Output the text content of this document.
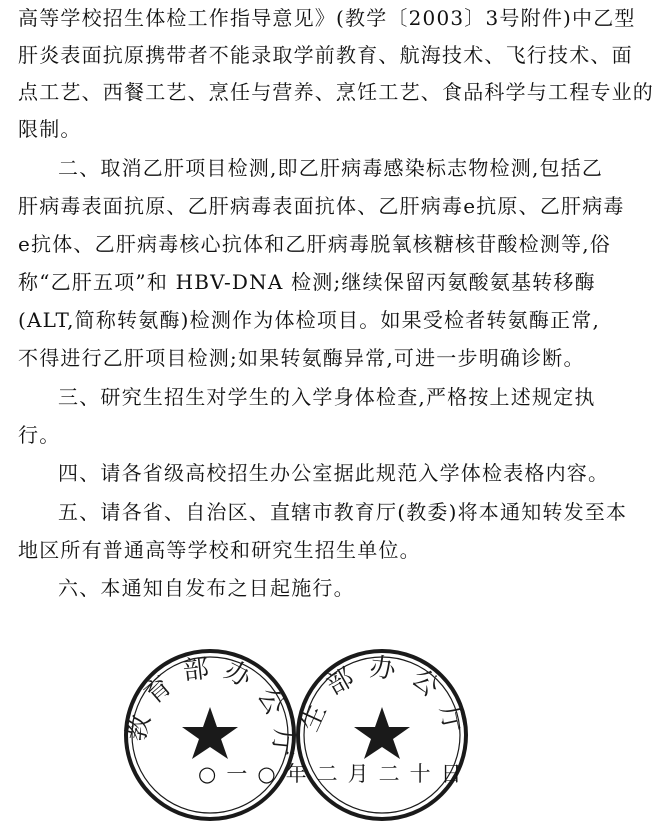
高等学校招生体检工作指导意见》(教学〔2003〕3号附件)中乙型
肝炎表面抗原携带者不能录取学前教育、航海技术、飞行技术、面
点工艺、西餐工艺、烹任与营养、烹饪工艺、食品科学与工程专业的
限制。
二、取消乙肝项目检测,即乙肝病毒感染标志物检测,包括乙
肝病毒表面抗原、乙肝病毒表面抗体、乙肝病毒e抗原、乙肝病毒
e抗体、乙肝病毒核心抗体和乙肝病毒脱氧核糖核苷酸检测等,俗
称“乙肝五项”和 HBV-DNA 检测;继续保留丙氨酸氨基转移酶
(ALT,简称转氨酶)检测作为体检项目。如果受检者转氨酶正常,
不得进行乙肝项目检测;如果转氨酶异常,可进一步明确诊断。
三、研究生招生对学生的入学身体检查,严格按上述规定执
行。
四、请各省级高校招生办公室据此规范入学体检表格内容。
五、请各省、自治区、直辖市教育厅(教委)将本通知转发至本
地区所有普通高等学校和研究生招生单位。
六、本通知自发布之日起施行。
教育部办公厅
生部办公厅
○一○年二月二十日
